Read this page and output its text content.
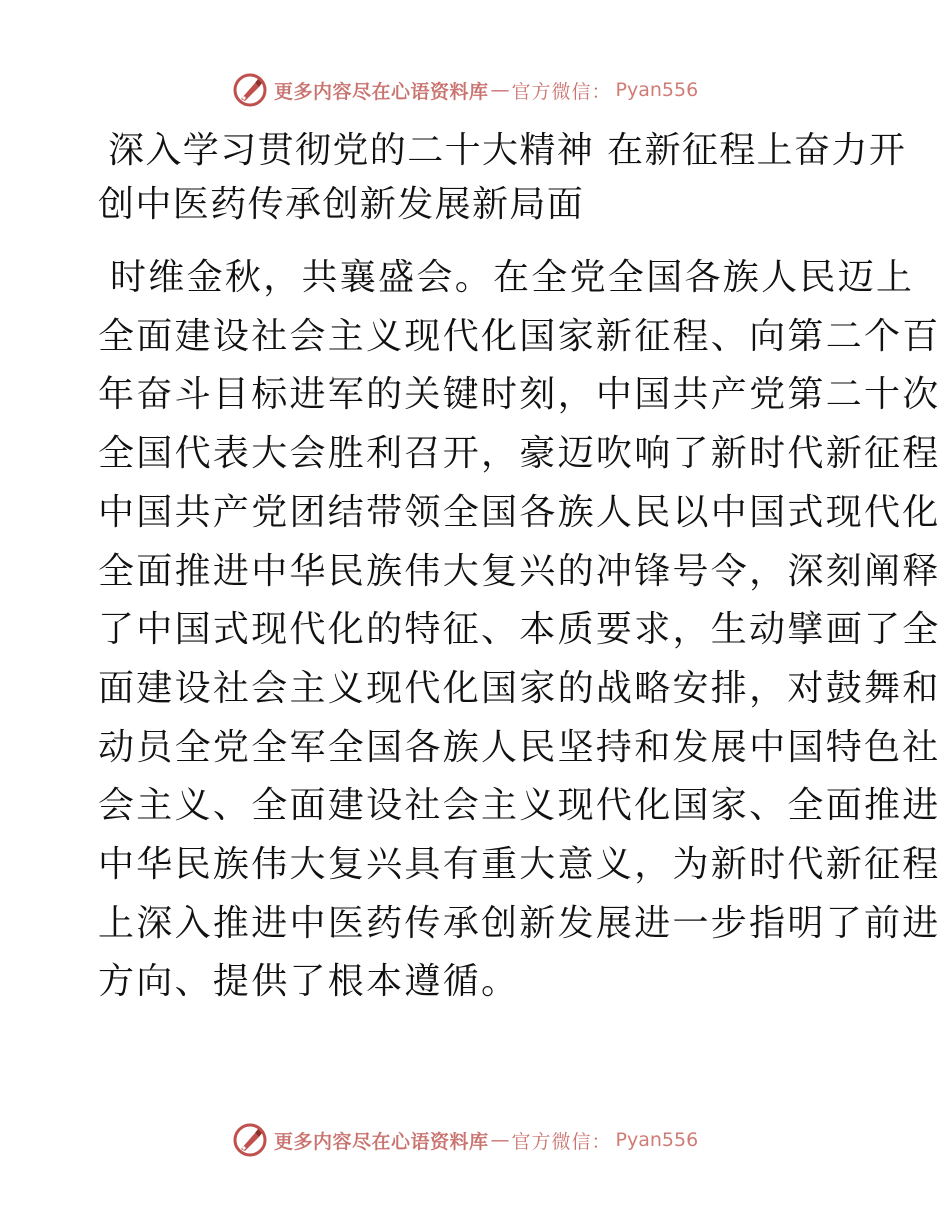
更多内容尽在心语资料库 — 官方微信： Pyan556
深入学习贯彻党的二十大精神 在新征程上奋力开
创中医药传承创新发展新局面
时维金秋，共襄盛会。在全党全国各族人民迈上
全面建设社会主义现代化国家新征程、向第二个百
年奋斗目标进军的关键时刻，中国共产党第二十次
全国代表大会胜利召开，豪迈吹响了新时代新征程
中国共产党团结带领全国各族人民以中国式现代化
全面推进中华民族伟大复兴的冲锋号令，深刻阐释
了中国式现代化的特征、本质要求，生动擘画了全
面建设社会主义现代化国家的战略安排，对鼓舞和
动员全党全军全国各族人民坚持和发展中国特色社
会主义、全面建设社会主义现代化国家、全面推进
中华民族伟大复兴具有重大意义，为新时代新征程
上深入推进中医药传承创新发展进一步指明了前进
方向、提供了根本遵循。
更多内容尽在心语资料库 — 官方微信： Pyan556
